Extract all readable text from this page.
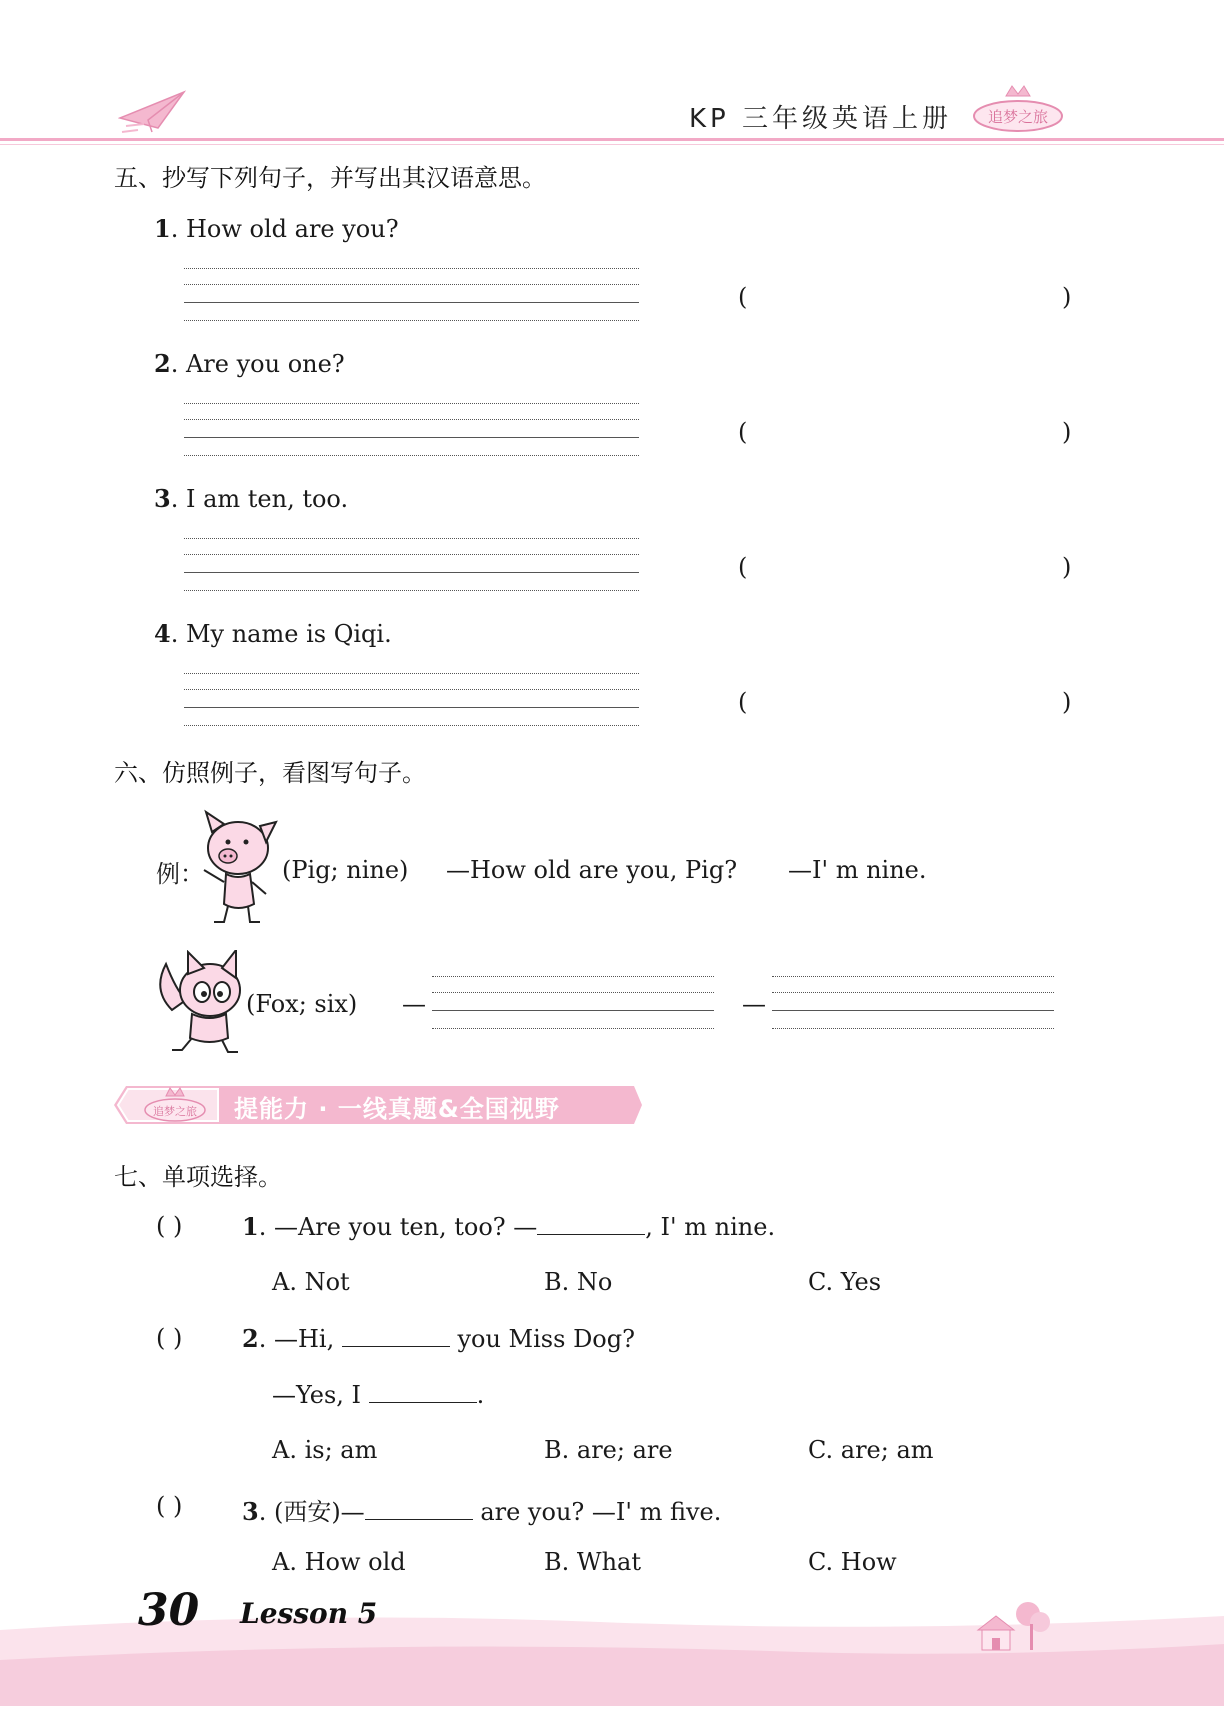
KP 三年级英语上册 追梦之旅
五、抄写下列句子，并写出其汉语意思。
1. How old are you?
(	)
2. Are you one?
(	)
3. I am ten, too.
(	)
4. My name is Qiqi.
(	)
六、仿照例子，看图写句子。
例：	(Pig; nine) —How old are you, Pig? —I' m nine.
(Fox; six) —	—
追梦之旅 提能力 · 一线真题&全国视野
七、单项选择。
( ) 1. —Are you ten, too? —	, I' m nine.
A. Not	B. No	C. Yes
( ) 2. —Hi,	you Miss Dog?
—Yes, I	.
A. is; am	B. are; are	C. are; am
( ) 3. (西安)—	are you? —I' m five.
A. How old	B. What	C. How
30 Lesson 5
